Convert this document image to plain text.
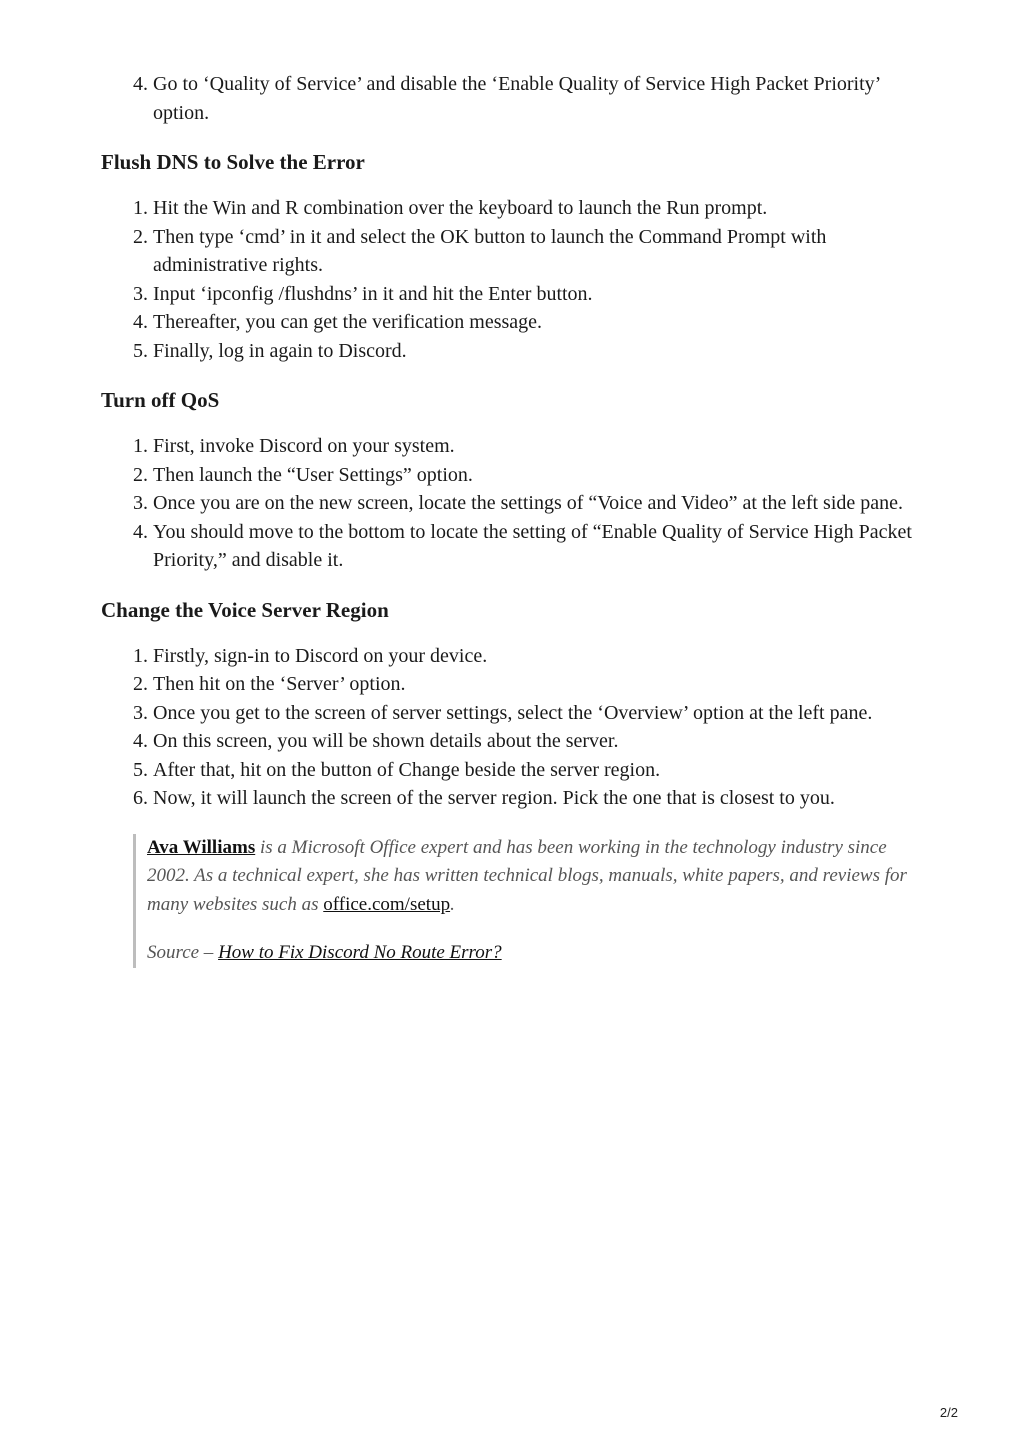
4. Go to ‘Quality of Service’ and disable the ‘Enable Quality of Service High Packet Priority’ option.
Flush DNS to Solve the Error
1. Hit the Win and R combination over the keyboard to launch the Run prompt.
2. Then type ‘cmd’ in it and select the OK button to launch the Command Prompt with administrative rights.
3. Input ‘ipconfig /flushdns’ in it and hit the Enter button.
4. Thereafter, you can get the verification message.
5. Finally, log in again to Discord.
Turn off QoS
1. First, invoke Discord on your system.
2. Then launch the “User Settings” option.
3. Once you are on the new screen, locate the settings of “Voice and Video” at the left side pane.
4. You should move to the bottom to locate the setting of “Enable Quality of Service High Packet Priority,” and disable it.
Change the Voice Server Region
1. Firstly, sign-in to Discord on your device.
2. Then hit on the ‘Server’ option.
3. Once you get to the screen of server settings, select the ‘Overview’ option at the left pane.
4. On this screen, you will be shown details about the server.
5. After that, hit on the button of Change beside the server region.
6. Now, it will launch the screen of the server region. Pick the one that is closest to you.

Ava Williams is a Microsoft Office expert and has been working in the technology industry since 2002. As a technical expert, she has written technical blogs, manuals, white papers, and reviews for many websites such as office.com/setup.

Source – How to Fix Discord No Route Error?

2/2
